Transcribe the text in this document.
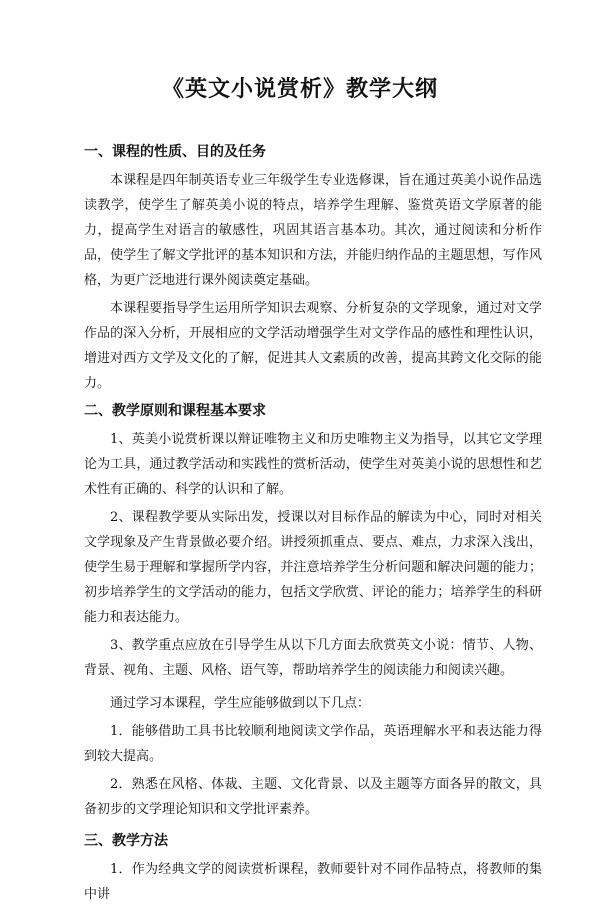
《英文小说赏析》教学大纲
一、课程的性质、目的及任务

本课程是四年制英语专业三年级学生专业选修课，旨在通过英美小说作品选读教学，使学生了解英美小说的特点，培养学生理解、鉴赏英语文学原著的能力，提高学生对语言的敏感性，巩固其语言基本功。其次，通过阅读和分析作品，使学生了解文学批评的基本知识和方法，并能归纳作品的主题思想，写作风格，为更广泛地进行课外阅读奠定基础。

本课程要指导学生运用所学知识去观察、分析复杂的文学现象，通过对文学作品的深入分析，开展相应的文学活动增强学生对文学作品的感性和理性认识，增进对西方文学及文化的了解，促进其人文素质的改善，提高其跨文化交际的能力。

二、教学原则和课程基本要求

1、英美小说赏析课以辩证唯物主义和历史唯物主义为指导，以其它文学理论为工具，通过教学活动和实践性的赏析活动，使学生对英美小说的思想性和艺术性有正确的、科学的认识和了解。

2、课程教学要从实际出发，授课以对目标作品的解读为中心，同时对相关文学现象及产生背景做必要介绍。讲授须抓重点、要点、难点，力求深入浅出，使学生易于理解和掌握所学内容，并注意培养学生分析问题和解决问题的能力；初步培养学生的文学活动的能力，包括文学欣赏、评论的能力；培养学生的科研能力和表达能力。

3、教学重点应放在引导学生从以下几方面去欣赏英文小说：情节、人物、背景、视角、主题、风格、语气等，帮助培养学生的阅读能力和阅读兴趣。

通过学习本课程，学生应能够做到以下几点：

1．能够借助工具书比较顺利地阅读文学作品，英语理解水平和表达能力得到较大提高。

2．熟悉在风格、体裁、主题、文化背景、以及主题等方面各异的散文，具备初步的文学理论知识和文学批评素养。

三、教学方法

1．作为经典文学的阅读赏析课程，教师要针对不同作品特点，将教师的集中讲
